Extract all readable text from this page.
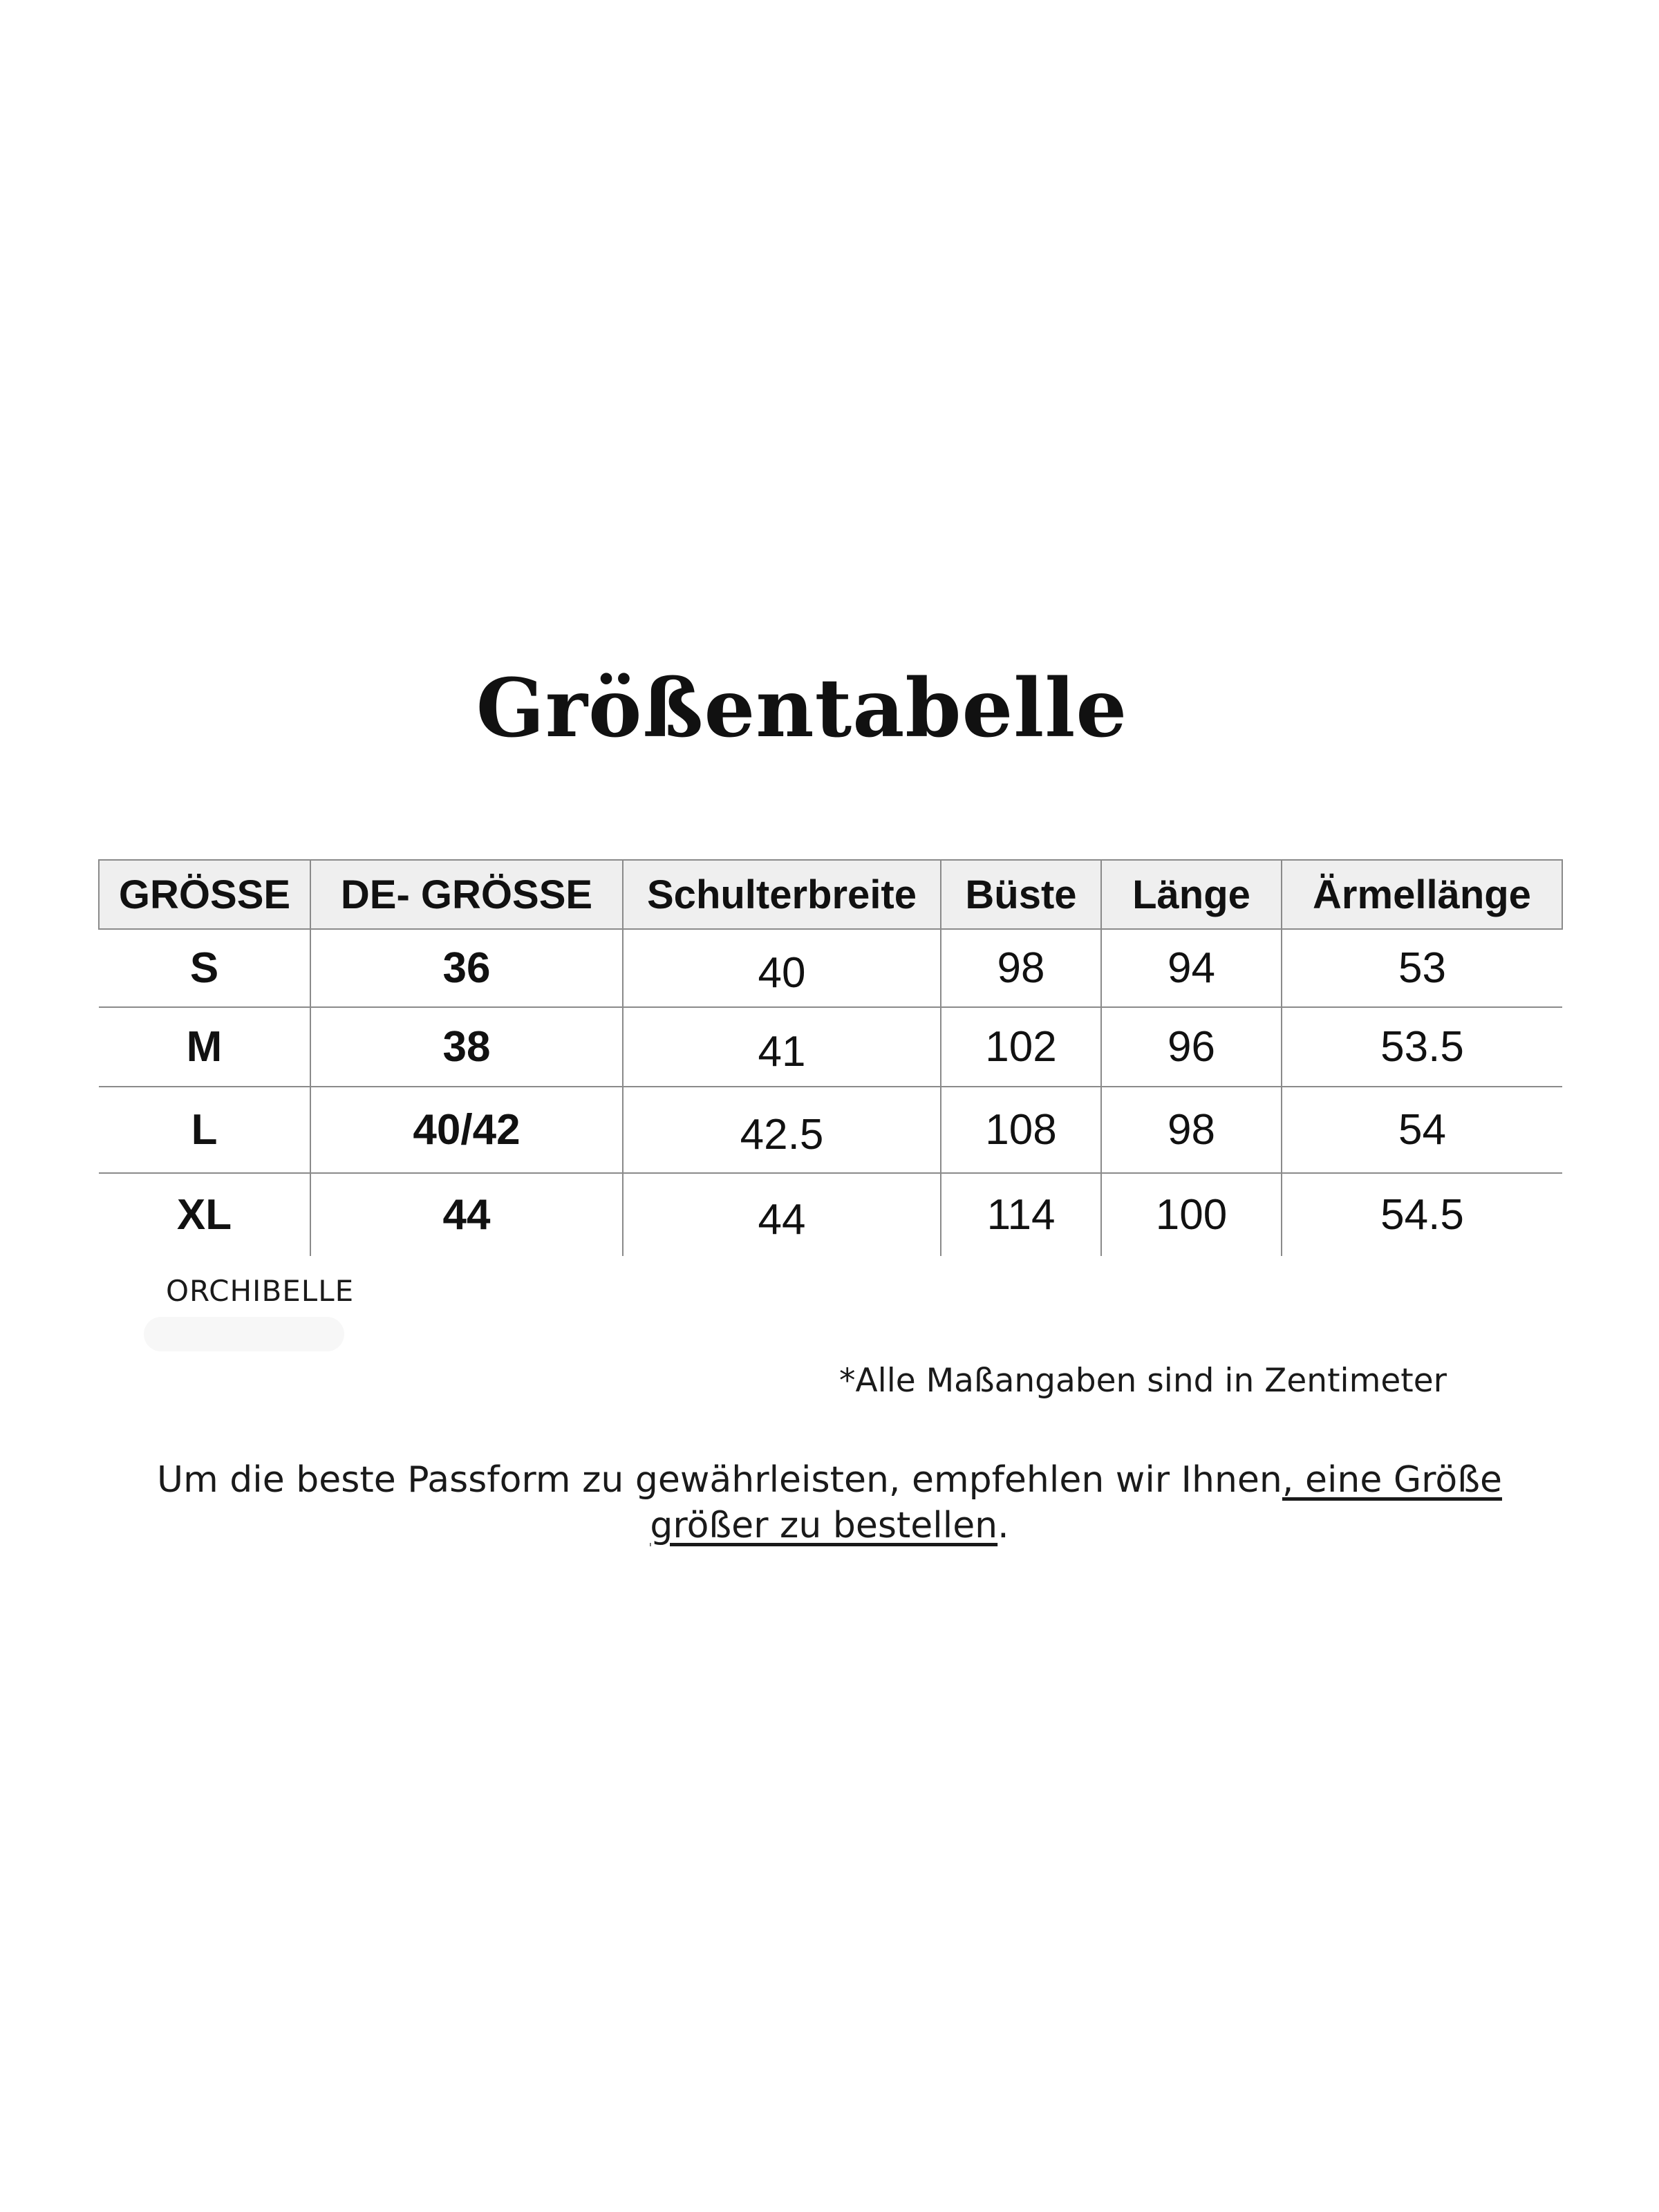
Größentabelle
GRÖSSE	DE- GRÖSSE	Schulterbreite	Büste	Länge	Ärmellänge
S	36	40	98	94	53
M	38	41	102	96	53.5
L	40/42	42.5	108	98	54
XL	44	44	114	100	54.5
ORCHIBELLE
*Alle Maßangaben sind in Zentimeter
Um die beste Passform zu gewährleisten, empfehlen wir Ihnen, eine Größe größer zu bestellen.
